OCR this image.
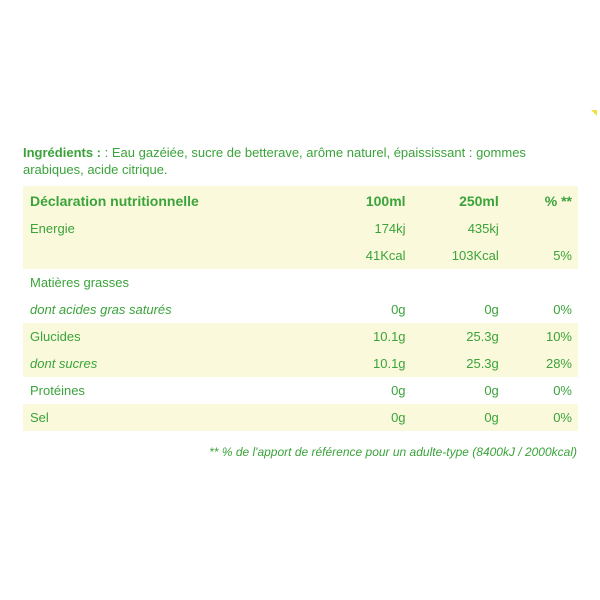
Ingrédients : : Eau gazéiée, sucre de betterave, arôme naturel, épaississant : gommes arabiques, acide citrique.
Déclaration nutritionnelle	100ml	250ml	% **
Energie	174kj	435kj	
	41Kcal	103Kcal	5%
Matières grasses			
dont acides gras saturés	0g	0g	0%
Glucides	10.1g	25.3g	10%
dont sucres	10.1g	25.3g	28%
Protéines	0g	0g	0%
Sel	0g	0g	0%
** % de l'apport de référence pour un adulte-type (8400kJ / 2000kcal)
